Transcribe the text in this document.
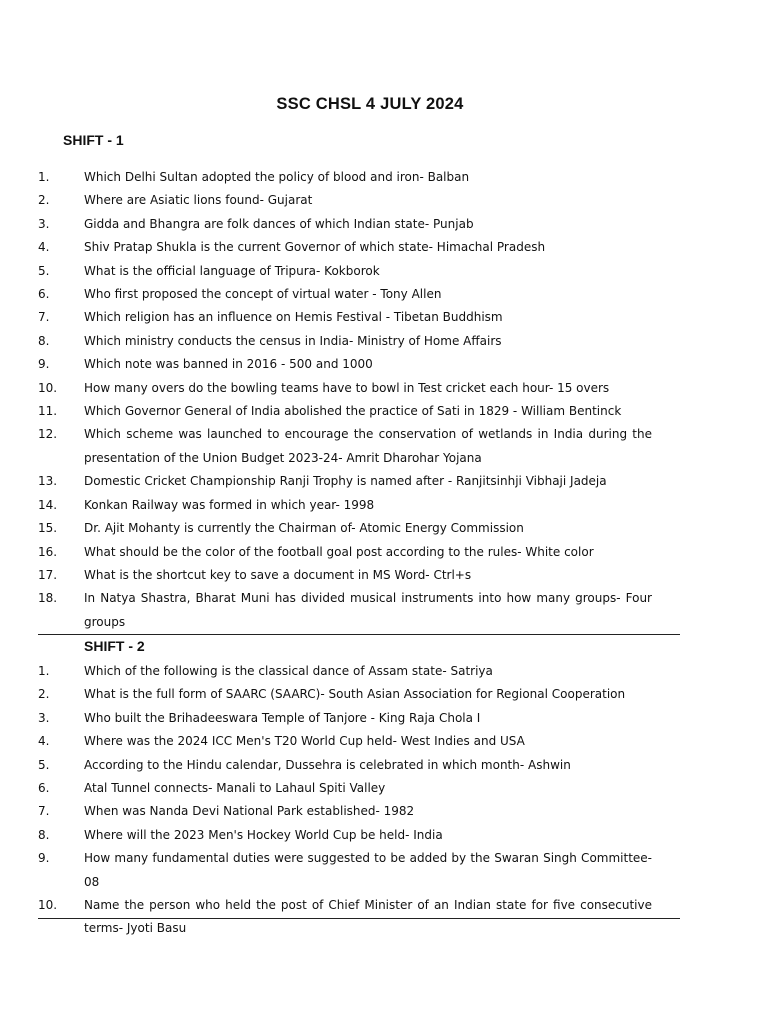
SSC CHSL 4 JULY 2024
SHIFT - 1
1.	Which Delhi Sultan adopted the policy of blood and iron- Balban
2.	Where are Asiatic lions found- Gujarat
3.	Gidda and Bhangra are folk dances of which Indian state- Punjab
4.	Shiv Pratap Shukla is the current Governor of which state- Himachal Pradesh
5.	What is the official language of Tripura- Kokborok
6.	Who first proposed the concept of virtual water - Tony Allen
7.	Which religion has an influence on Hemis Festival - Tibetan Buddhism
8.	Which ministry conducts the census in India- Ministry of Home Affairs
9.	Which note was banned in 2016 - 500 and 1000
10.	How many overs do the bowling teams have to bowl in Test cricket each hour- 15 overs
11.	Which Governor General of India abolished the practice of Sati in 1829 - William Bentinck
12.	Which scheme was launched to encourage the conservation of wetlands in India during the presentation of the Union Budget 2023-24- Amrit Dharohar Yojana
13.	Domestic Cricket Championship Ranji Trophy is named after - Ranjitsinhji Vibhaji Jadeja
14.	Konkan Railway was formed in which year- 1998
15.	Dr. Ajit Mohanty is currently the Chairman of- Atomic Energy Commission
16.	What should be the color of the football goal post according to the rules- White color
17.	What is the shortcut key to save a document in MS Word- Ctrl+s
18.	In Natya Shastra, Bharat Muni has divided musical instruments into how many groups- Four groups
SHIFT - 2
1.	Which of the following is the classical dance of Assam state- Satriya
2.	What is the full form of SAARC (SAARC)- South Asian Association for Regional Cooperation
3.	Who built the Brihadeeswara Temple of Tanjore - King Raja Chola I
4.	Where was the 2024 ICC Men's T20 World Cup held- West Indies and USA
5.	According to the Hindu calendar, Dussehra is celebrated in which month- Ashwin
6.	Atal Tunnel connects- Manali to Lahaul Spiti Valley
7.	When was Nanda Devi National Park established- 1982
8.	Where will the 2023 Men's Hockey World Cup be held- India
9.	How many fundamental duties were suggested to be added by the Swaran Singh Committee- 08
10.	Name the person who held the post of Chief Minister of an Indian state for five consecutive terms- Jyoti Basu
